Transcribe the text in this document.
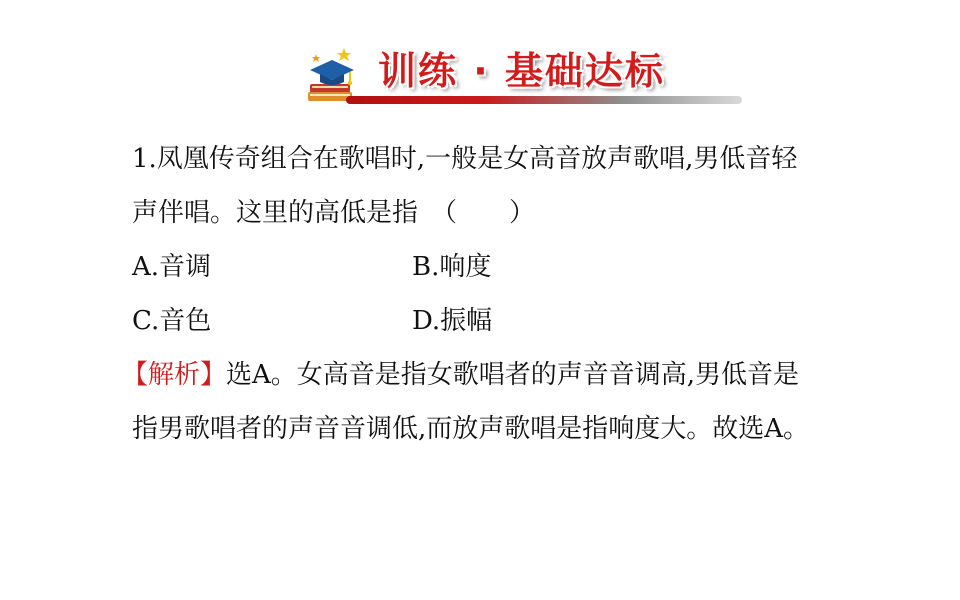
训练 · 基础达标
1.凤凰传奇组合在歌唱时,一般是女高音放声歌唱,男低音轻
声伴唱。这里的高低是指　（　　）
A.音调	B.响度
C.音色	D.振幅
【解析】选A。女高音是指女歌唱者的声音音调高,男低音是
指男歌唱者的声音音调低,而放声歌唱是指响度大。故选A。
